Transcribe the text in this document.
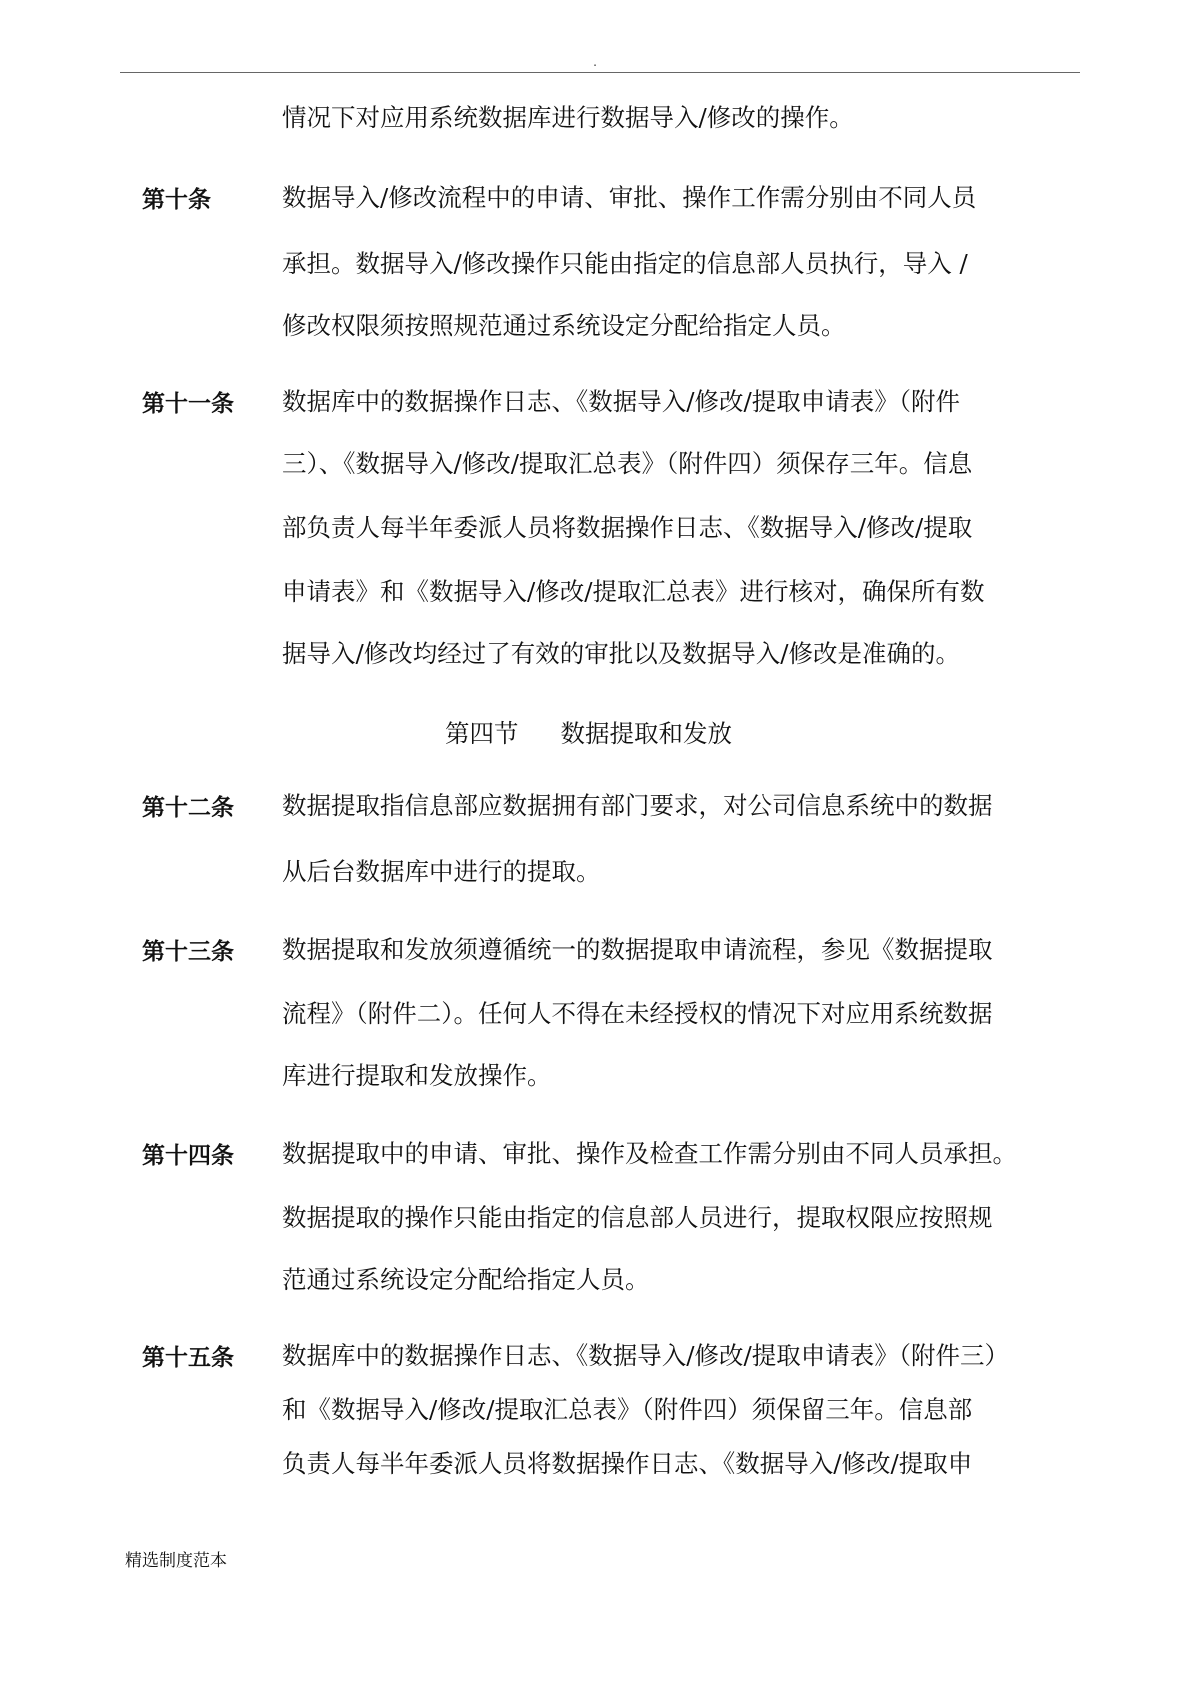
.
情况下对应用系统数据库进行数据导入/修改的操作。
第十条	数据导入/修改流程中的申请、审批、操作工作需分别由不同人员
承担。数据导入/修改操作只能由指定的信息部人员执行，导入 /
修改权限须按照规范通过系统设定分配给指定人员。
第十一条 数据库中的数据操作日志、《数据导入/修改/提取申请表》（附件
三）、《数据导入/修改/提取汇总表》（附件四）须保存三年。信息
部负责人每半年委派人员将数据操作日志、《数据导入/修改/提取
申请表》和《数据导入/修改/提取汇总表》进行核对，确保所有数
据导入/修改均经过了有效的审批以及数据导入/修改是准确的。
第四节 数据提取和发放
第十二条 数据提取指信息部应数据拥有部门要求，对公司信息系统中的数据
从后台数据库中进行的提取。
第十三条 数据提取和发放须遵循统一的数据提取申请流程，参见《数据提取
流程》（附件二）。任何人不得在未经授权的情况下对应用系统数据
库进行提取和发放操作。
第十四条 数据提取中的申请、审批、操作及检查工作需分别由不同人员承担。
数据提取的操作只能由指定的信息部人员进行，提取权限应按照规
范通过系统设定分配给指定人员。
第十五条 数据库中的数据操作日志、《数据导入/修改/提取申请表》（附件三）
和《数据导入/修改/提取汇总表》（附件四）须保留三年。信息部
负责人每半年委派人员将数据操作日志、《数据导入/修改/提取申
精选制度范本
